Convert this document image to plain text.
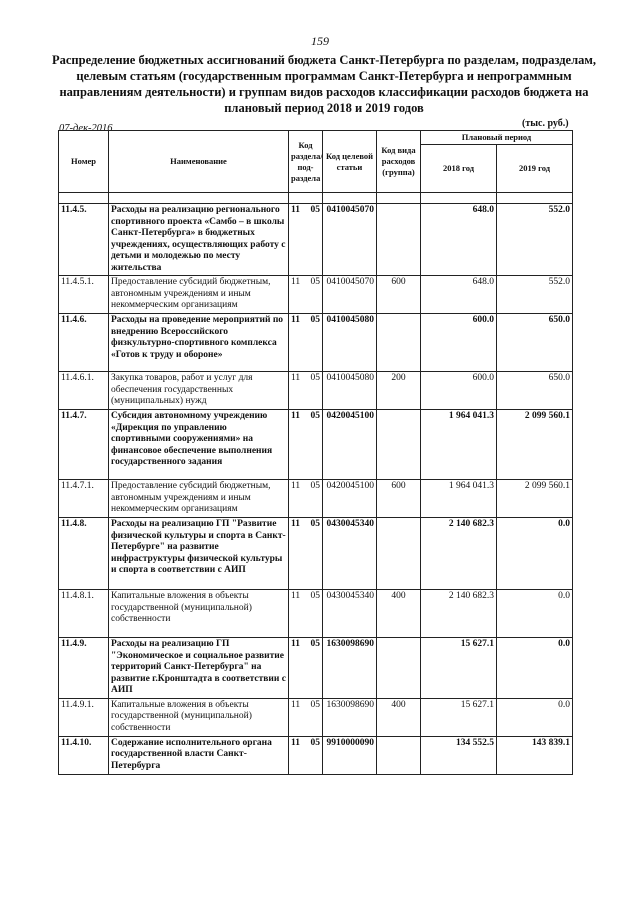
159
Распределение бюджетных ассигнований бюджета Санкт-Петербурга по разделам, подразделам, целевым статьям (государственным программам Санкт-Петербурга и непрограммным направлениям деятельности) и группам видов расходов классификации расходов бюджета на плановый период 2018 и 2019 годов
07-дек-2016	(тыс. руб.)
Номер	Наименование	Код раздела/ под-раздела	Код целевой статьи	Код вида расходов (группа)	Плановый период	
					2018 год	2019 год

11.4.5.	Расходы на реализацию регионального спортивного проекта «Самбо – в школы Санкт-Петербурга» в бюджетных учреждениях, осуществляющих работу с детьми и молодежью по месту жительства	11 05	0410045070		648.0	552.0
11.4.5.1.	Предоставление субсидий бюджетным, автономным учреждениям и иным некоммерческим организациям	11 05	0410045070	600	648.0	552.0
11.4.6.	Расходы на проведение мероприятий по внедрению Всероссийского физкультурно-спортивного комплекса «Готов к труду и обороне»	11 05	0410045080		600.0	650.0
11.4.6.1.	Закупка товаров, работ и услуг для обеспечения государственных (муниципальных) нужд	11 05	0410045080	200	600.0	650.0
11.4.7.	Субсидия автономному учреждению «Дирекция по управлению спортивными сооружениями» на финансовое обеспечение выполнения государственного задания	11 05	0420045100		1 964 041.3	2 099 560.1
11.4.7.1.	Предоставление субсидий бюджетным, автономным учреждениям и иным некоммерческим организациям	11 05	0420045100	600	1 964 041.3	2 099 560.1
11.4.8.	Расходы на реализацию ГП "Развитие физической культуры и спорта в Санкт-Петербурге" на развитие инфраструктуры физической культуры и спорта в соответствии с АИП	11 05	0430045340		2 140 682.3	0.0
11.4.8.1.	Капитальные вложения в объекты государственной (муниципальной) собственности	11 05	0430045340	400	2 140 682.3	0.0
11.4.9.	Расходы на реализацию ГП "Экономическое и социальное развитие территорий Санкт-Петербурга" на развитие г.Кронштадта в соответствии с АИП	11 05	1630098690		15 627.1	0.0
11.4.9.1.	Капитальные вложения в объекты государственной (муниципальной) собственности	11 05	1630098690	400	15 627.1	0.0
11.4.10.	Содержание исполнительного органа государственной власти Санкт-Петербурга	11 05	9910000090		134 552.5	143 839.1
